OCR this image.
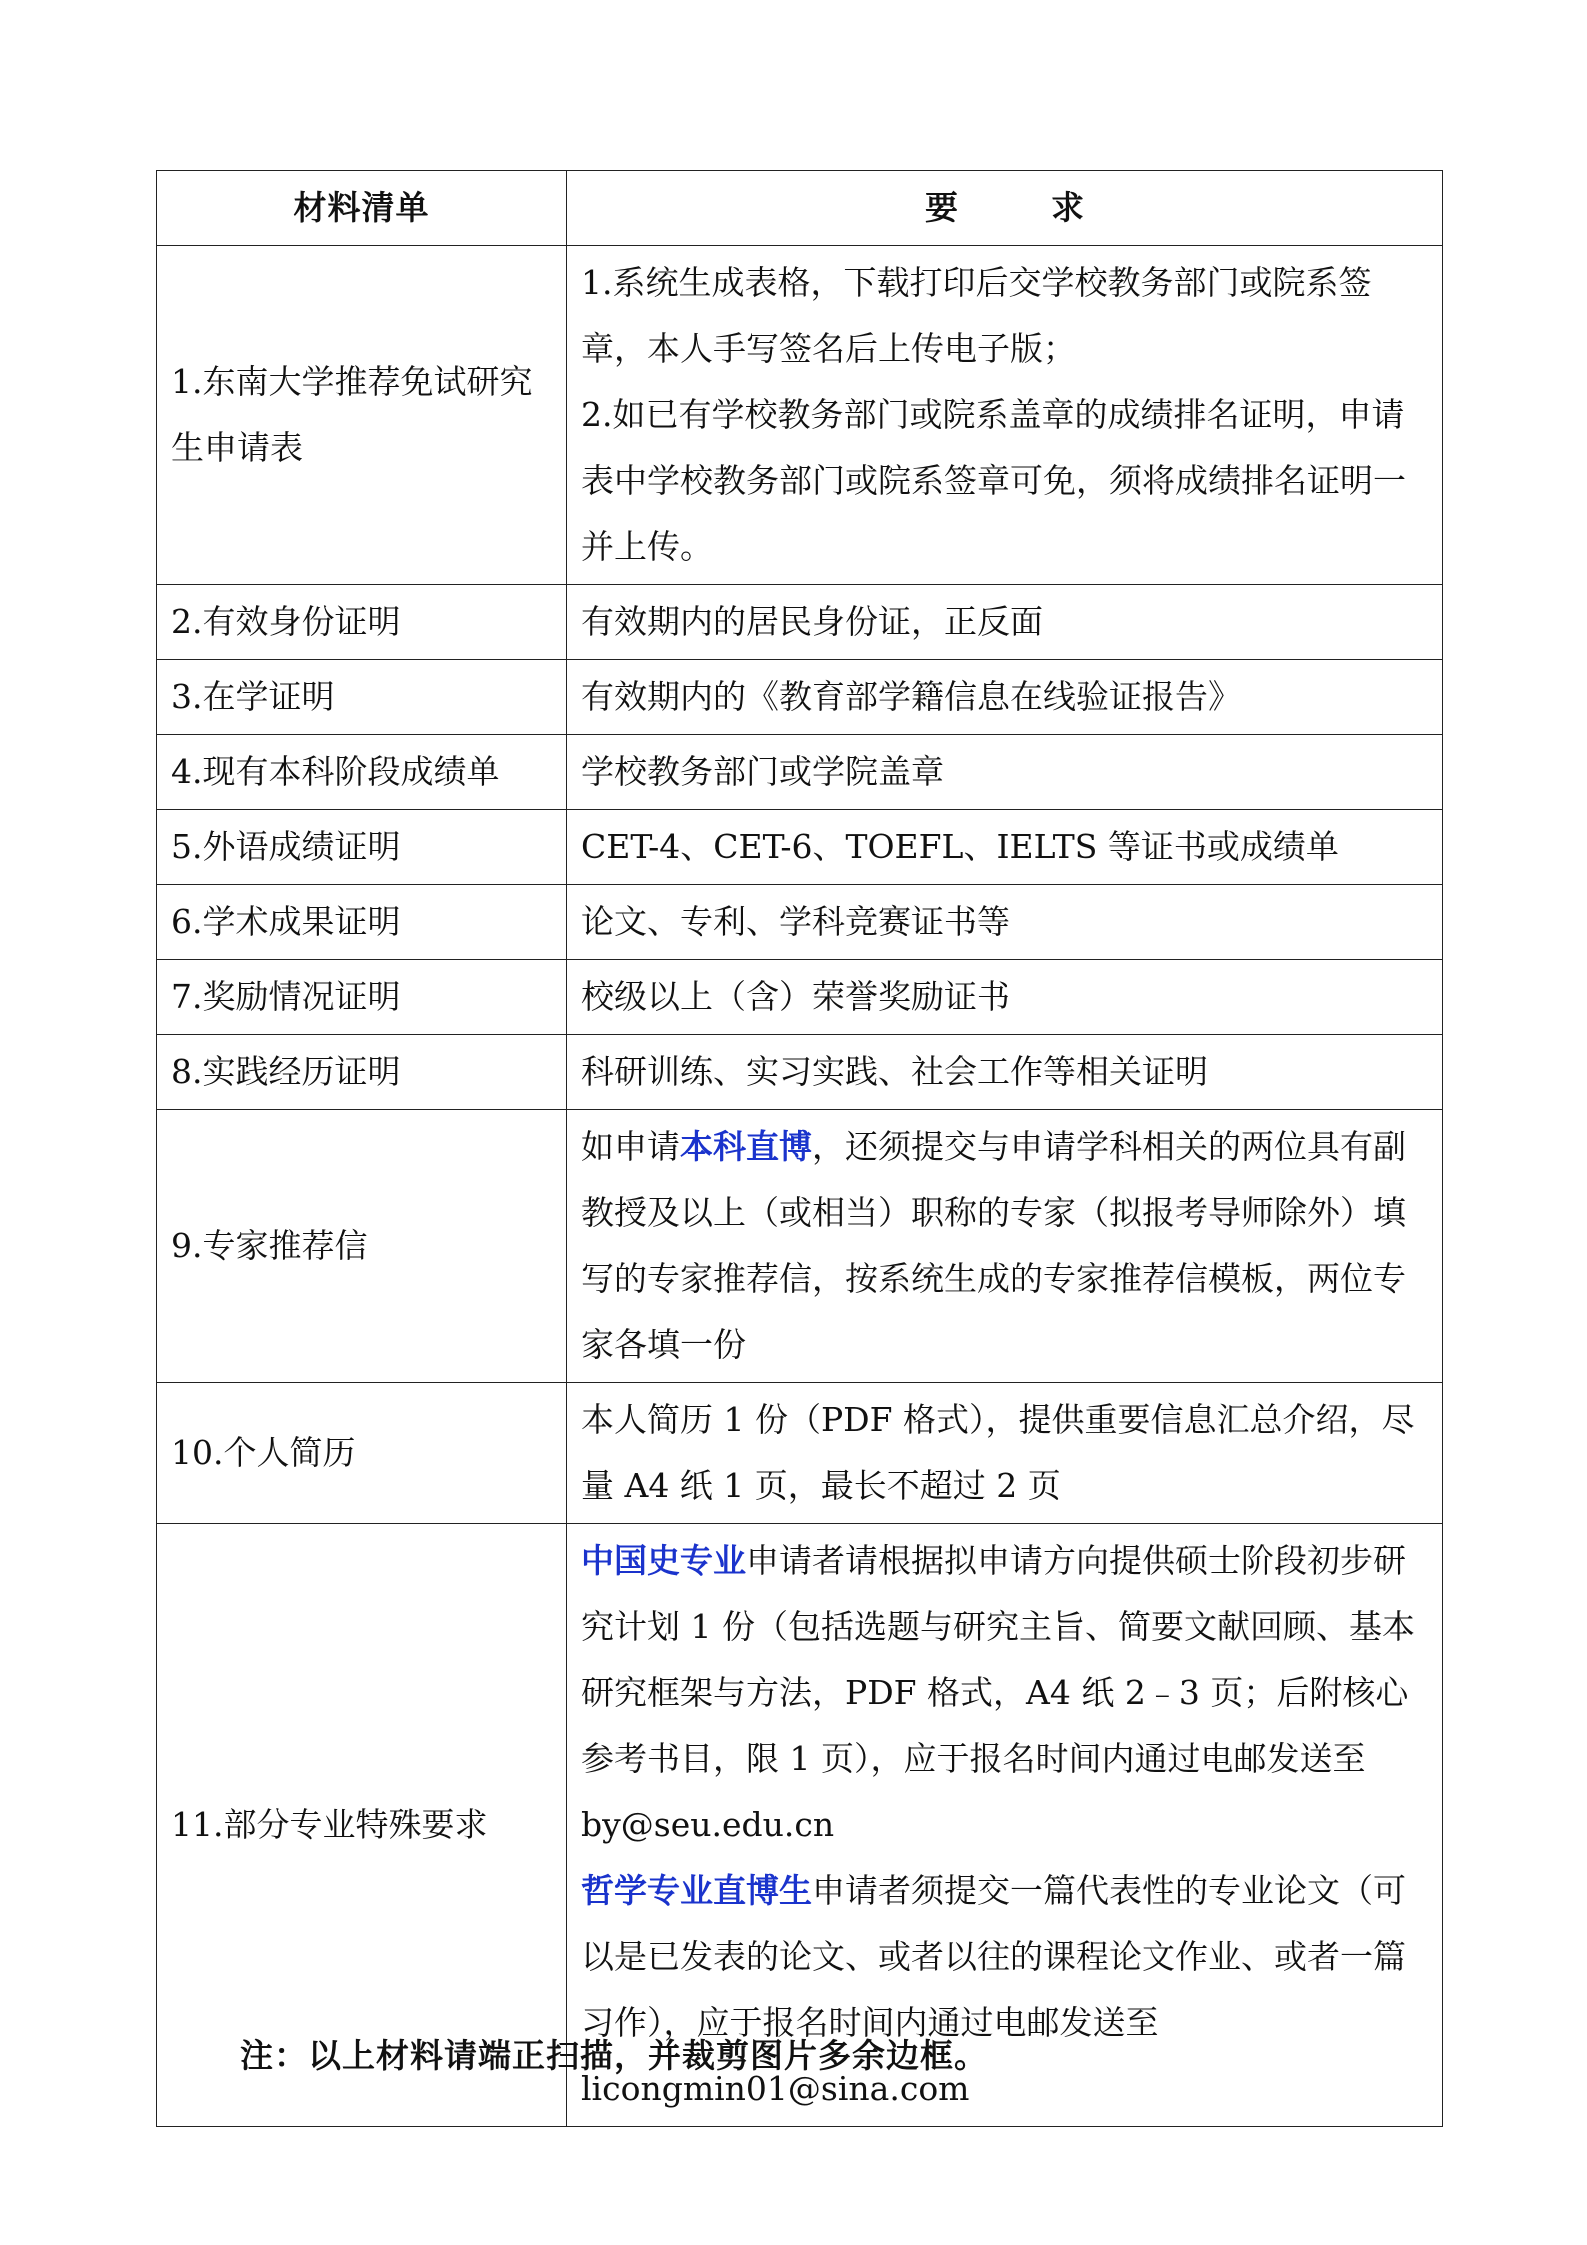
材料清单	要　求
1.东南大学推荐免试研究生申请表	1.系统生成表格，下载打印后交学校教务部门或院系签章，本人手写签名后上传电子版；
2.如已有学校教务部门或院系盖章的成绩排名证明，申请表中学校教务部门或院系签章可免，须将成绩排名证明一并上传。

2.有效身份证明	有效期内的居民身份证，正反面
3.在学证明	有效期内的《教育部学籍信息在线验证报告》
4.现有本科阶段成绩单	学校教务部门或学院盖章
5.外语成绩证明	CET-4、CET-6、TOEFL、IELTS 等证书或成绩单
6.学术成果证明	论文、专利、学科竞赛证书等
7.奖励情况证明	校级以上（含）荣誉奖励证书
8.实践经历证明	科研训练、实习实践、社会工作等相关证明
9.专家推荐信	如申请本科直博，还须提交与申请学科相关的两位具有副教授及以上（或相当）职称的专家（拟报考导师除外）填写的专家推荐信，按系统生成的专家推荐信模板，两位专家各填一份
10.个人简历	本人简历 1 份（PDF 格式），提供重要信息汇总介绍，尽量 A4 纸 1 页，最长不超过 2 页
11.部分专业特殊要求	中国史专业申请者请根据拟申请方向提供硕士阶段初步研究计划 1 份（包括选题与研究主旨、简要文献回顾、基本研究框架与方法，PDF 格式，A4 纸 2﹣3 页；后附核心参考书目，限 1 页），应于报名时间内通过电邮发送至 by@seu.edu.cn
哲学专业直博生申请者须提交一篇代表性的专业论文（可以是已发表的论文、或者以往的课程论文作业、或者一篇习作），应于报名时间内通过电邮发送至 licongmin01@sina.com
注：以上材料请端正扫描，并裁剪图片多余边框。
